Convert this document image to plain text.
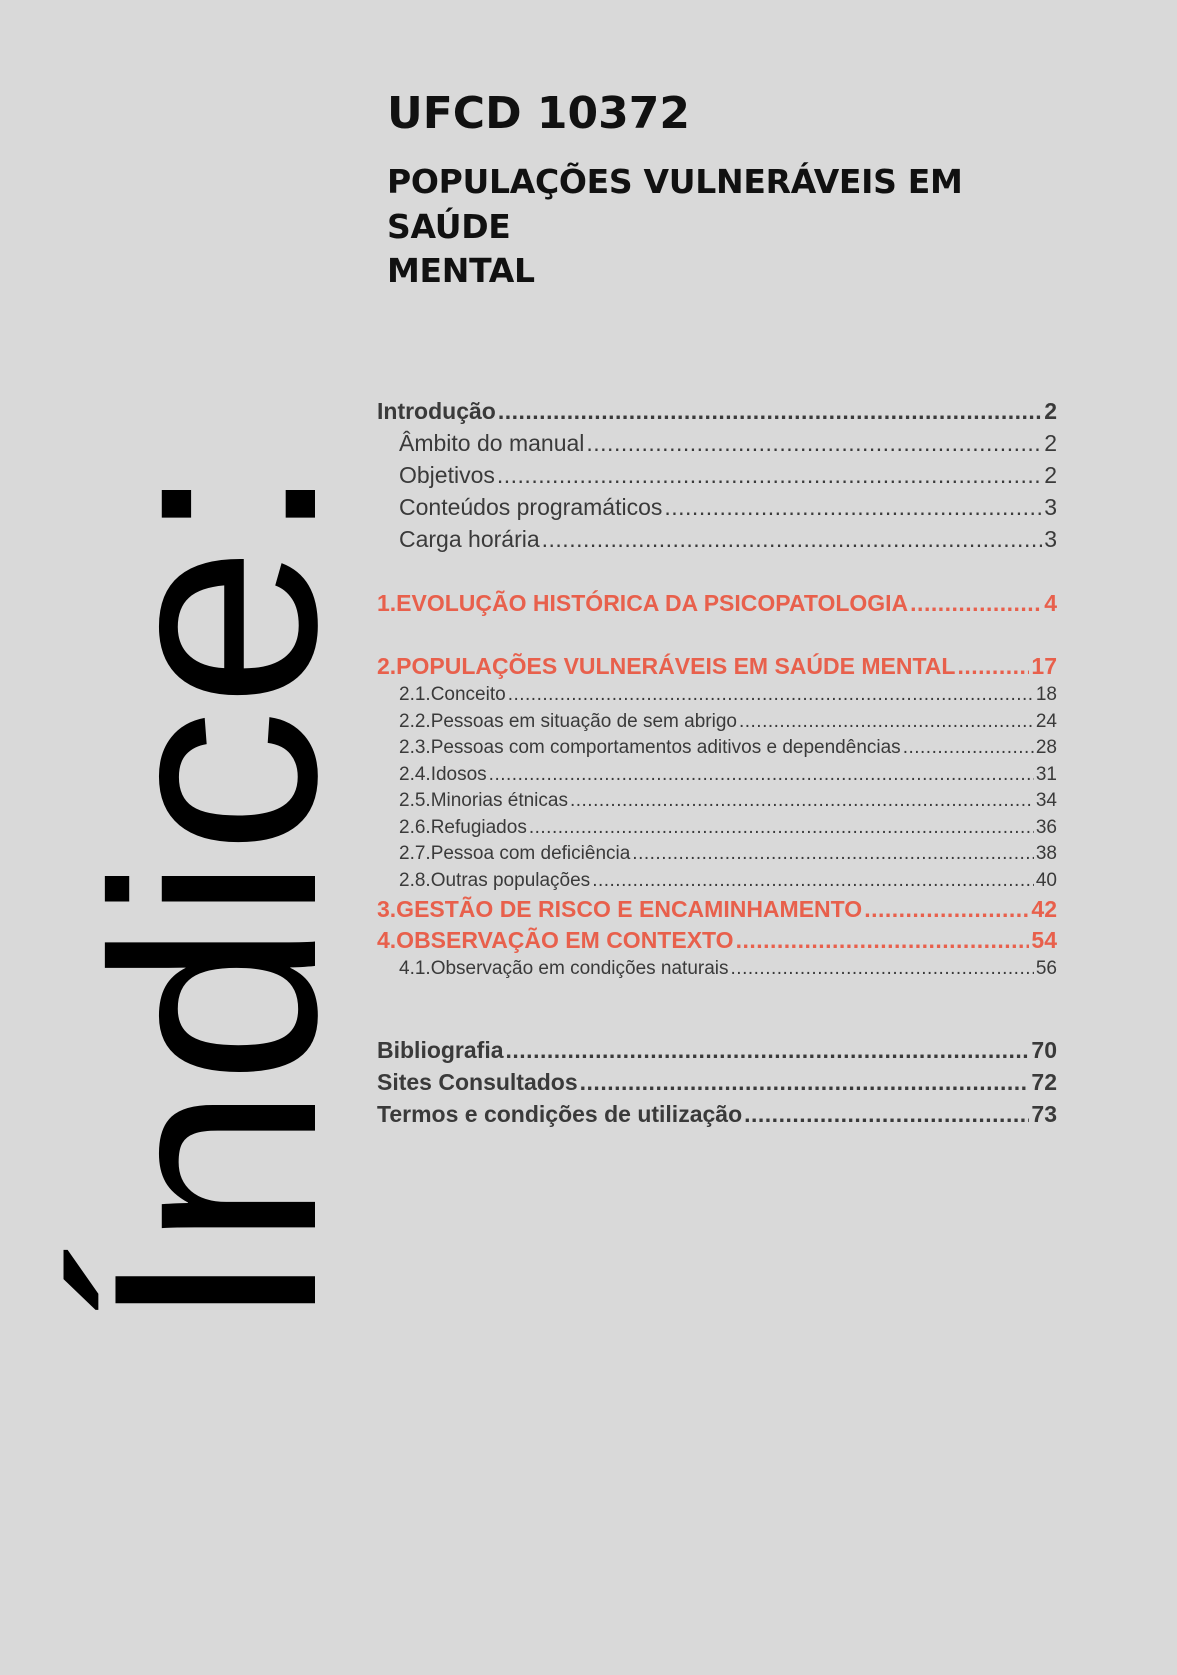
Índice:
UFCD 10372
POPULAÇÕES VULNERÁVEIS EM SAÚDE
MENTAL
Introdução .....	2
Âmbito do manual .....	2
Objetivos .....	2
Conteúdos programáticos .....	3
Carga horária .....	3
1.EVOLUÇÃO HISTÓRICA DA PSICOPATOLOGIA .....	4
2.POPULAÇÕES VULNERÁVEIS EM SAÚDE MENTAL .....	17
2.1.Conceito .....	18
2.2.Pessoas em situação de sem abrigo .....	24
2.3.Pessoas com comportamentos aditivos e dependências .....	28
2.4.Idosos .....	31
2.5.Minorias étnicas .....	34
2.6.Refugiados .....	36
2.7.Pessoa com deficiência .....	38
2.8.Outras populações .....	40
3.GESTÃO DE RISCO E ENCAMINHAMENTO .....	42
4.OBSERVAÇÃO EM CONTEXTO .....	54
4.1.Observação em condições naturais .....	56
Bibliografia .....	70
Sites Consultados .....	72
Termos e condições de utilização .....	73
